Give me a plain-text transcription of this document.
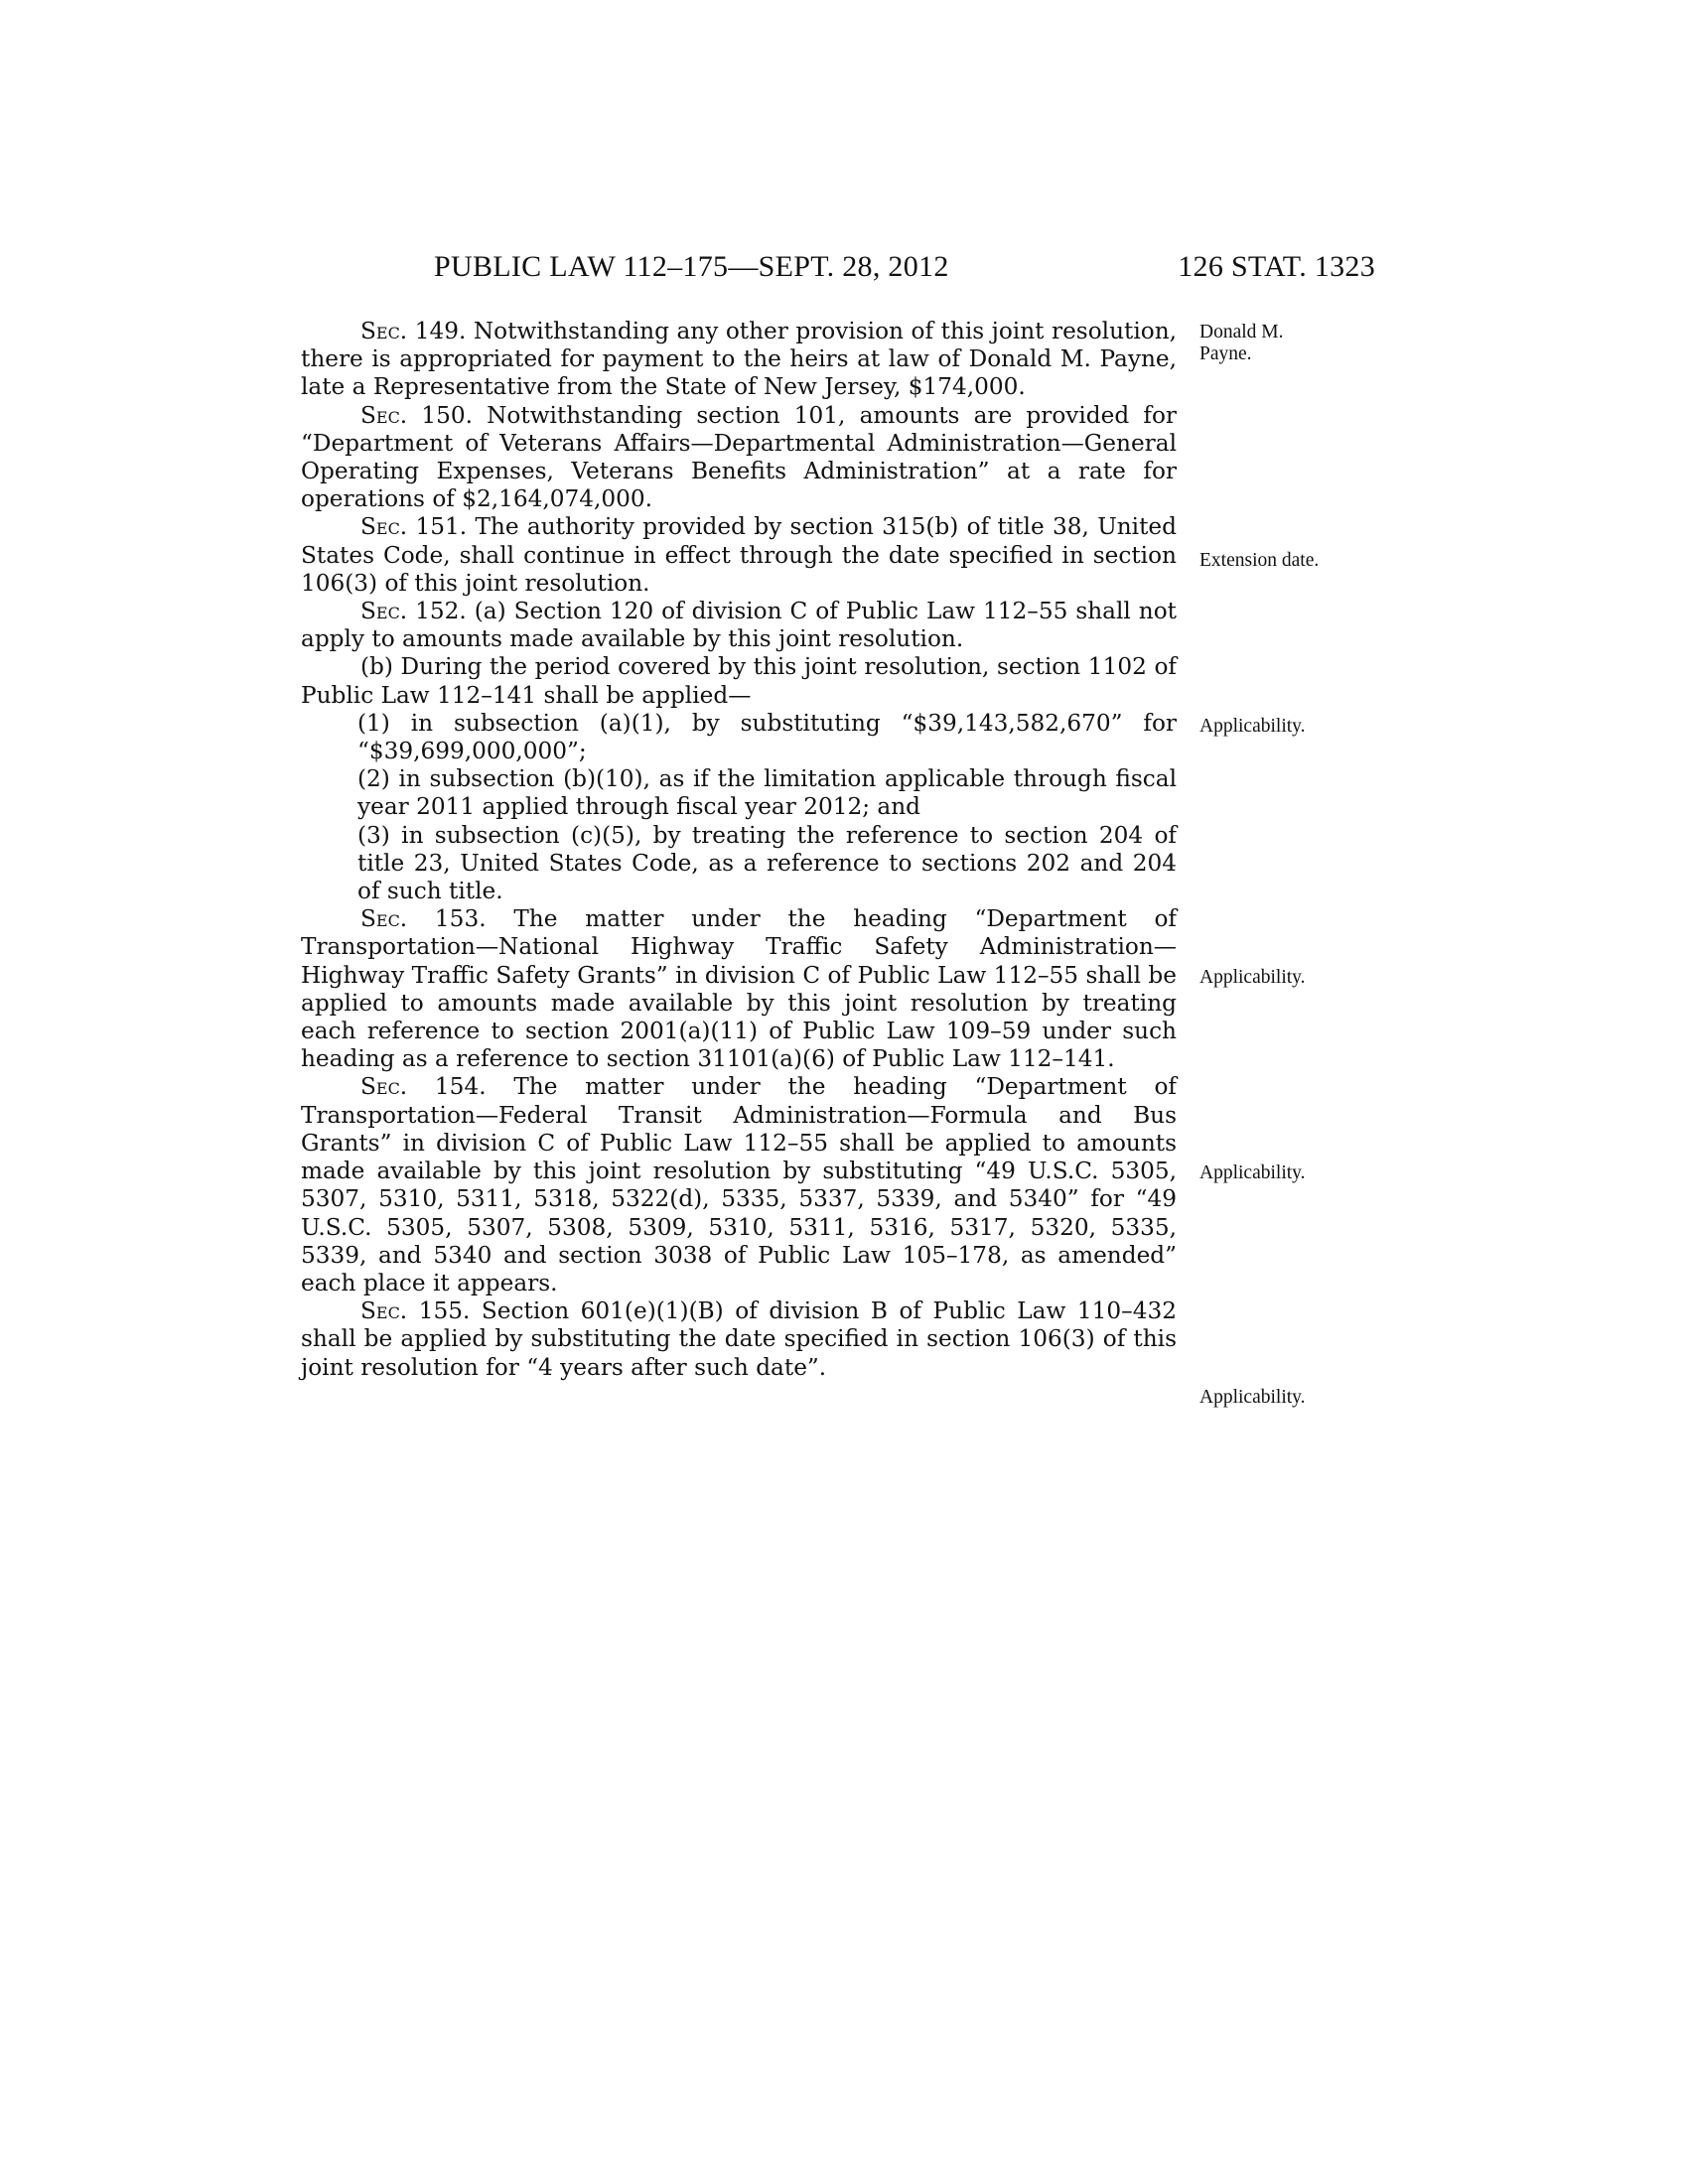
PUBLIC LAW 112–175—SEPT. 28, 2012	126 STAT. 1323

Sec. 149. Notwithstanding any other provision of this joint resolution, there is appropriated for payment to the heirs at law of Donald M. Payne, late a Representative from the State of New Jersey, $174,000.

Sec. 150. Notwithstanding section 101, amounts are provided for “Department of Veterans Affairs—Departmental Administration—General Operating Expenses, Veterans Benefits Administration” at a rate for operations of $2,164,074,000.

Sec. 151. The authority provided by section 315(b) of title 38, United States Code, shall continue in effect through the date specified in section 106(3) of this joint resolution.

Sec. 152. (a) Section 120 of division C of Public Law 112–55 shall not apply to amounts made available by this joint resolution.

(b) During the period covered by this joint resolution, section 1102 of Public Law 112–141 shall be applied—

(1) in subsection (a)(1), by substituting “$39,143,582,670” for “$39,699,000,000”;

(2) in subsection (b)(10), as if the limitation applicable through fiscal year 2011 applied through fiscal year 2012; and

(3) in subsection (c)(5), by treating the reference to section 204 of title 23, United States Code, as a reference to sections 202 and 204 of such title.

Sec. 153. The matter under the heading “Department of Transportation—National Highway Traffic Safety Administration—Highway Traffic Safety Grants” in division C of Public Law 112–55 shall be applied to amounts made available by this joint resolution by treating each reference to section 2001(a)(11) of Public Law 109–59 under such heading as a reference to section 31101(a)(6) of Public Law 112–141.

Sec. 154. The matter under the heading “Department of Transportation—Federal Transit Administration—Formula and Bus Grants” in division C of Public Law 112–55 shall be applied to amounts made available by this joint resolution by substituting “49 U.S.C. 5305, 5307, 5310, 5311, 5318, 5322(d), 5335, 5337, 5339, and 5340” for “49 U.S.C. 5305, 5307, 5308, 5309, 5310, 5311, 5316, 5317, 5320, 5335, 5339, and 5340 and section 3038 of Public Law 105–178, as amended” each place it appears.

Sec. 155. Section 601(e)(1)(B) of division B of Public Law 110–432 shall be applied by substituting the date specified in section 106(3) of this joint resolution for “4 years after such date”.

Donald M.
Payne.
Extension date.
Applicability.
Applicability.
Applicability.
Applicability.
